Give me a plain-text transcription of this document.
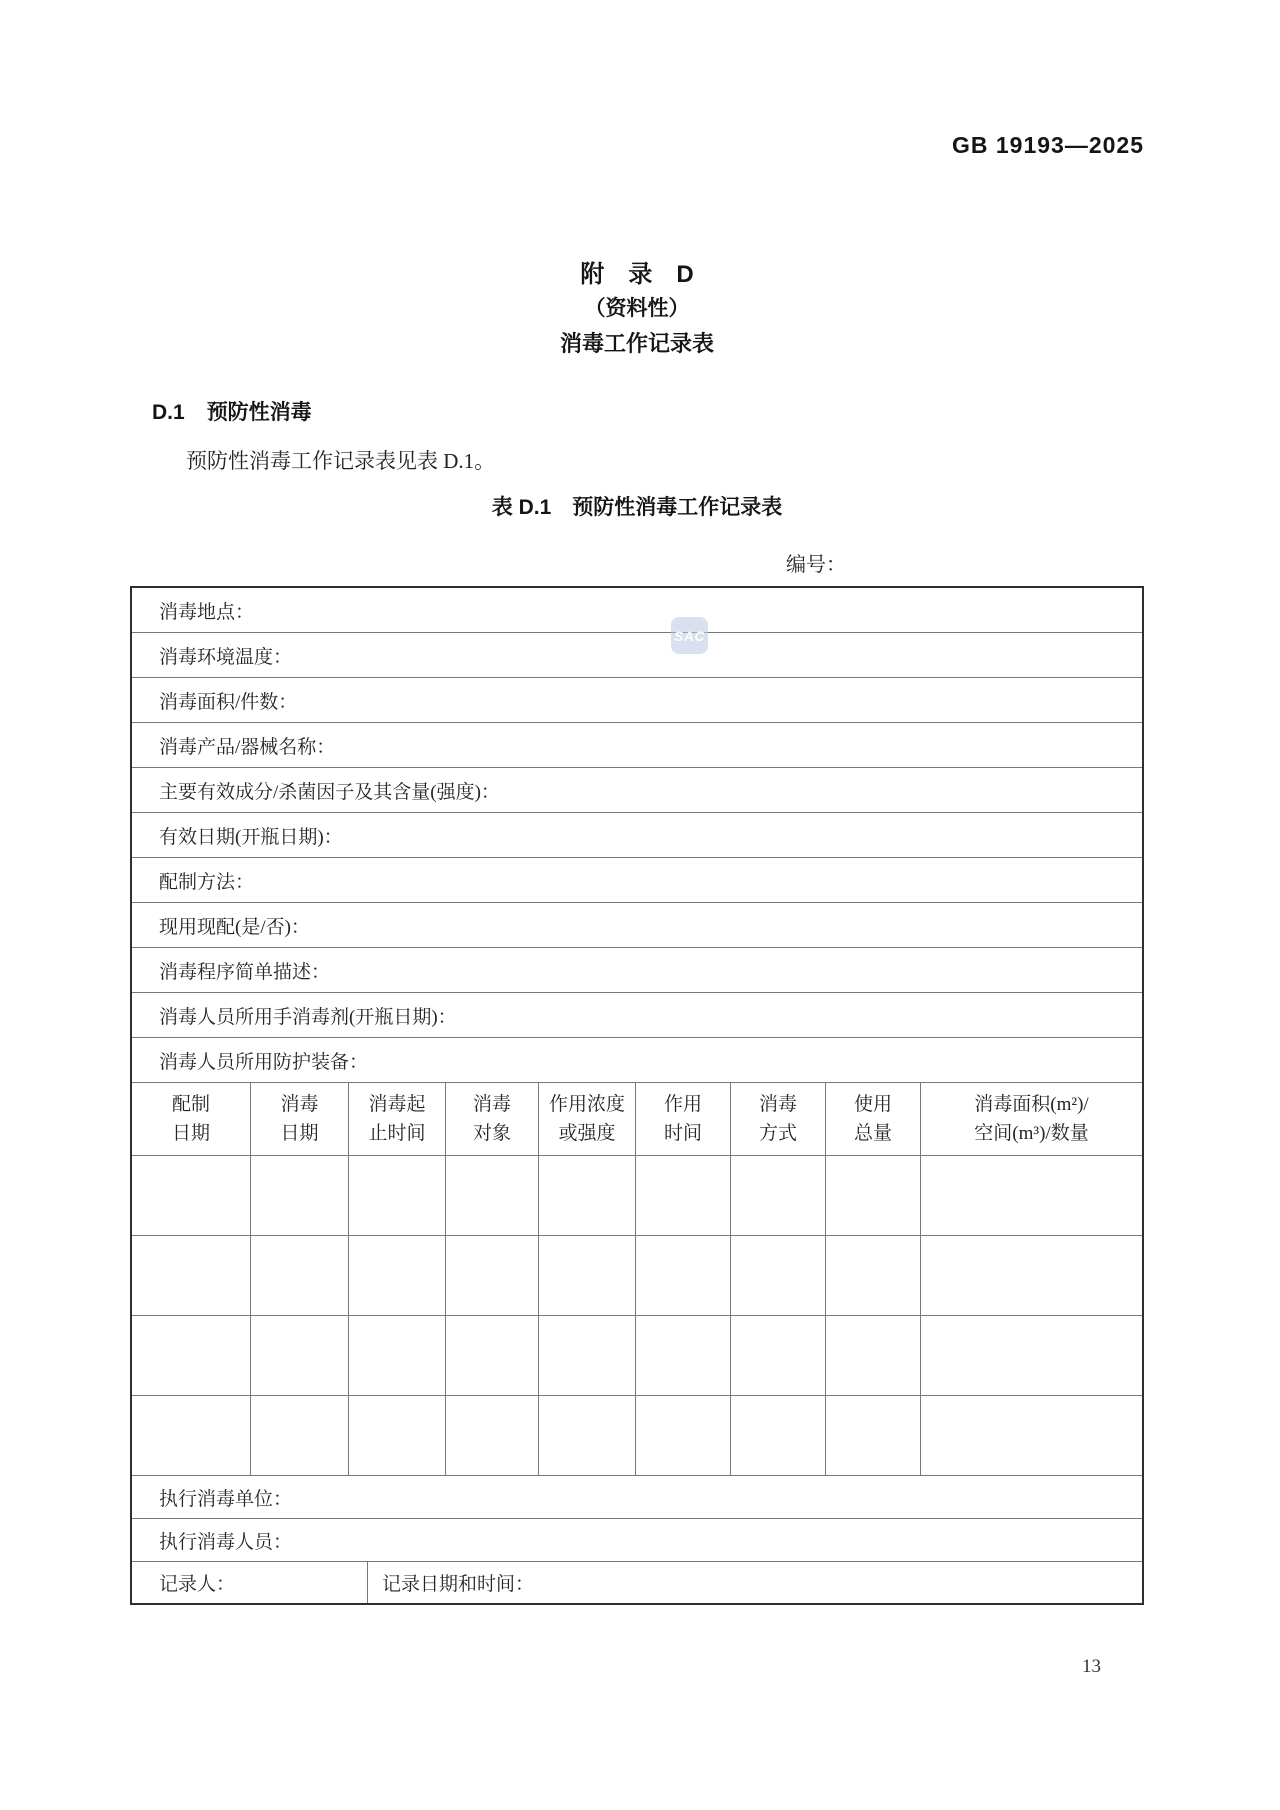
GB 19193—2025
附　录　D
（资料性）
消毒工作记录表
D.1 预防性消毒
预防性消毒工作记录表见表 D.1。
表 D.1　预防性消毒工作记录表
编号：
SAC
消毒地点：
消毒环境温度：
消毒面积/件数：
消毒产品/器械名称：
主要有效成分/杀菌因子及其含量(强度)：
有效日期(开瓶日期)：
配制方法：
现用现配(是/否)：
消毒程序简单描述：
消毒人员所用手消毒剂(开瓶日期)：
消毒人员所用防护装备：
配制
日期
消毒
日期
消毒起
止时间
消毒
对象
作用浓度
或强度
作用
时间
消毒
方式
使用
总量
消毒面积(m²)/
空间(m³)/数量
执行消毒单位：
执行消毒人员：
记录人：	记录日期和时间：
13
